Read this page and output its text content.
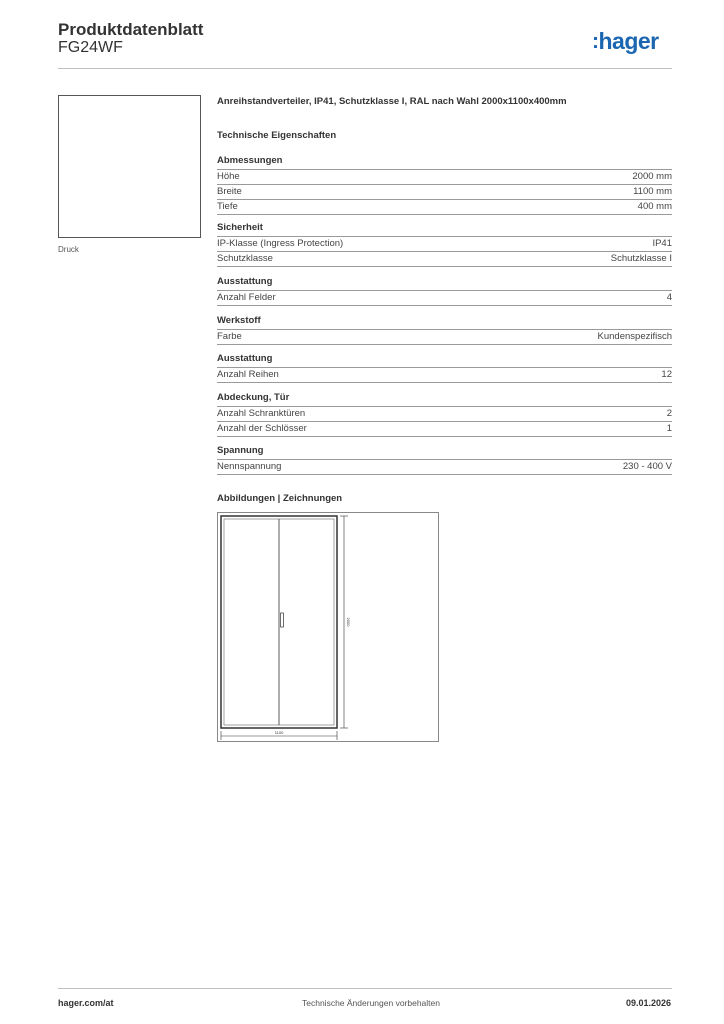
Produktdatenblatt
FG24WF	:hager
Druck
Anreihstandverteiler, IP41, Schutzklasse I, RAL nach Wahl 2000x1100x400mm
Technische Eigenschaften
Abmessungen
Höhe	2000 mm
Breite	1100 mm
Tiefe	400 mm
Sicherheit
IP-Klasse (Ingress Protection)	IP41
Schutzklasse	Schutzklasse I
Ausstattung
Anzahl Felder	4
Werkstoff
Farbe	Kundenspezifisch
Ausstattung
Anzahl Reihen	12
Abdeckung, Tür
Anzahl Schranktüren	2
Anzahl der Schlösser	1
Spannung
Nennspannung	230 - 400 V
Abbildungen | Zeichnungen
1100
2000
hager.com/at	Technische Änderungen vorbehalten	09.01.2026
